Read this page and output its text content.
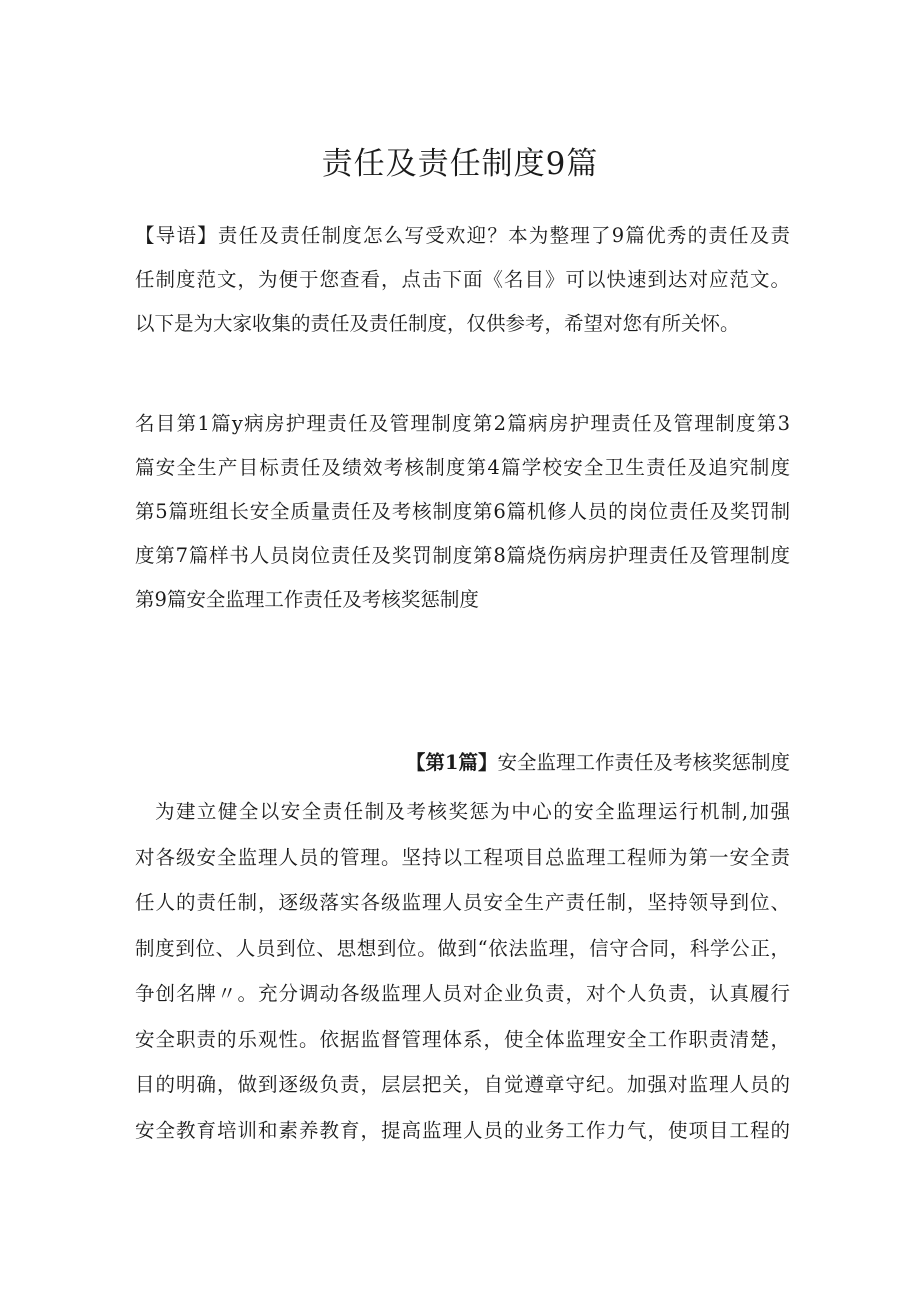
责任及责任制度9篇
【导语】责任及责任制度怎么写受欢迎？本为整理了9篇优秀的责任及责
任制度范文，为便于您查看，点击下面《名目》可以快速到达对应范文。
以下是为大家收集的责任及责任制度，仅供参考，希望对您有所关怀。
名目第1篇y病房护理责任及管理制度第2篇病房护理责任及管理制度第3
篇安全生产目标责任及绩效考核制度第4篇学校安全卫生责任及追究制度
第5篇班组长安全质量责任及考核制度第6篇机修人员的岗位责任及奖罚制
度第7篇样书人员岗位责任及奖罚制度第8篇烧伤病房护理责任及管理制度
第9篇安全监理工作责任及考核奖惩制度
【第1篇】安全监理工作责任及考核奖惩制度
为建立健全以安全责任制及考核奖惩为中心的安全监理运行机制,加强
对各级安全监理人员的管理。坚持以工程项目总监理工程师为第一安全责
任人的责任制，逐级落实各级监理人员安全生产责任制，坚持领导到位、
制度到位、人员到位、思想到位。做到“依法监理，信守合同，科学公正，
争创名牌〃。充分调动各级监理人员对企业负责，对个人负责，认真履行
安全职责的乐观性。依据监督管理体系，使全体监理安全工作职责清楚，
目的明确，做到逐级负责，层层把关，自觉遵章守纪。加强对监理人员的
安全教育培训和素养教育，提高监理人员的业务工作力气，使项目工程的
